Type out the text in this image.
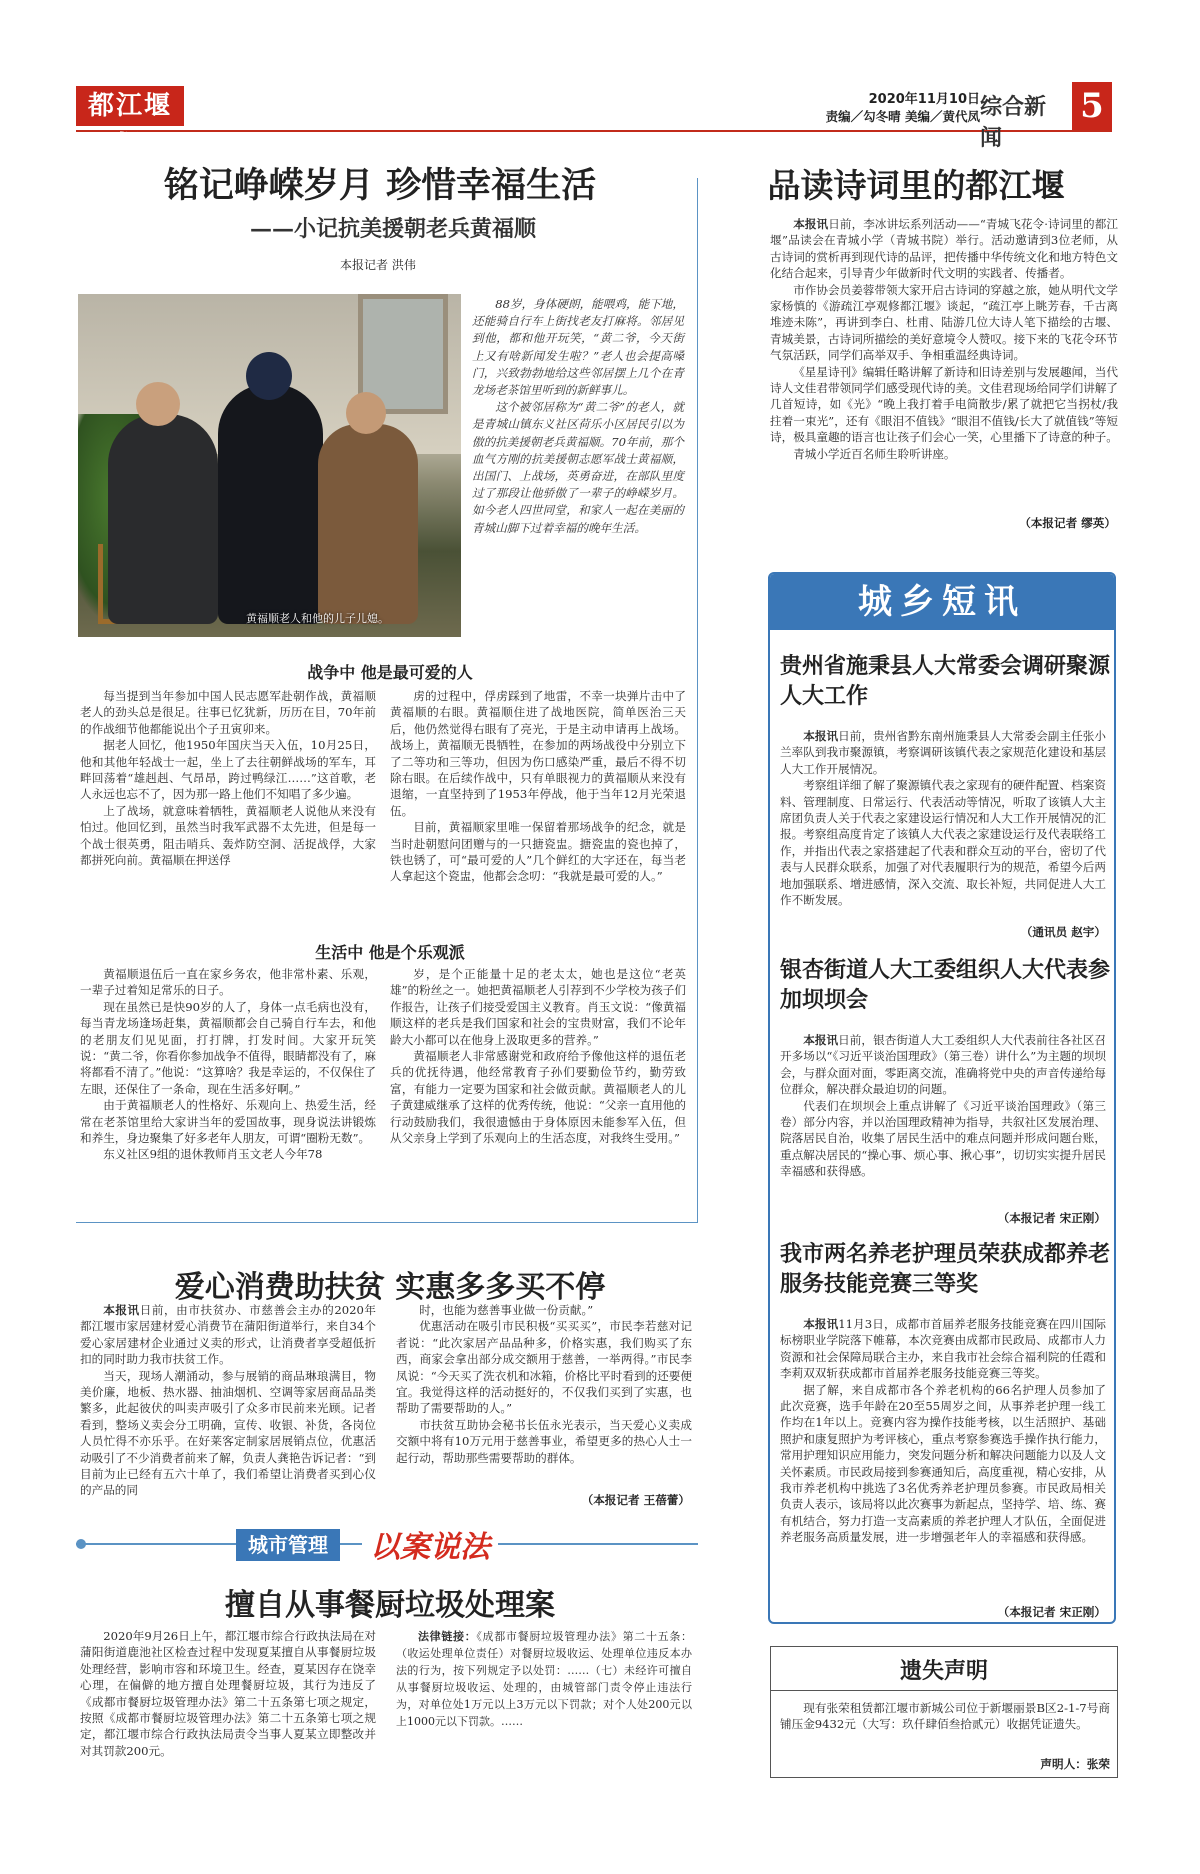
都江堰报
2020年11月10日
责编／勾冬晴 美编／黄代凤 综合新闻
5
铭记峥嵘岁月 珍惜幸福生活
——小记抗美援朝老兵黄福顺
本报记者 洪伟
黄福顺老人和他的儿子儿媳。
88岁，身体硬朗，能喂鸡，能下地，还能骑自行车上街找老友打麻将。邻居见到他，都和他开玩笑，“黄二爷，今天街上又有啥新闻发生啦？”老人也会提高嗓门，兴致勃勃地给这些邻居摆上几个在青龙场老茶馆里听到的新鲜事儿。
这个被邻居称为“黄二爷”的老人，就是青城山镇东义社区荷乐小区居民引以为傲的抗美援朝老兵黄福顺。70年前，那个血气方刚的抗美援朝志愿军战士黄福顺，出国门、上战场，英勇奋进，在部队里度过了那段让他骄傲了一辈子的峥嵘岁月。如今老人四世同堂，和家人一起在美丽的青城山脚下过着幸福的晚年生活。
战争中 他是最可爱的人
每当提到当年参加中国人民志愿军赴朝作战，黄福顺老人的劲头总是很足。往事已忆犹新，历历在目，70年前的作战细节他都能说出个子丑寅卯来。
据老人回忆，他1950年国庆当天入伍，10月25日，他和其他年轻战士一起，坐上了去往朝鲜战场的军车，耳畔回荡着“雄赳赳、气昂昂，跨过鸭绿江……”这首歌，老人永远也忘不了，因为那一路上他们不知唱了多少遍。
上了战场，就意味着牺牲，黄福顺老人说他从来没有怕过。他回忆到，虽然当时我军武器不太先进，但是每一个战士很英勇，阻击哨兵、轰炸防空洞、活捉战俘，大家都拼死向前。黄福顺在押送俘
虏的过程中，俘虏踩到了地雷，不幸一块弹片击中了黄福顺的右眼。黄福顺住进了战地医院，简单医治三天后，他仍然觉得右眼有了亮光，于是主动申请再上战场。战场上，黄福顺无畏牺牲，在参加的两场战役中分别立下了二等功和三等功，但因为伤口感染严重，最后不得不切除右眼。在后续作战中，只有单眼视力的黄福顺从来没有退缩，一直坚持到了1953年停战，他于当年12月光荣退伍。
目前，黄福顺家里唯一保留着那场战争的纪念，就是当时赴朝慰问团赠与的一只搪瓷盅。搪瓷盅的瓷也掉了，铁也锈了，可“最可爱的人”几个鲜红的大字还在，每当老人拿起这个瓷盅，他都会念叨：“我就是最可爱的人。”
生活中 他是个乐观派
黄福顺退伍后一直在家乡务农，他非常朴素、乐观，一辈子过着知足常乐的日子。
现在虽然已是快90岁的人了，身体一点毛病也没有，每当青龙场逢场赶集，黄福顺都会自己骑自行车去，和他的老朋友们见见面，打打牌，打发时间。大家开玩笑说：“黄二爷，你看你参加战争不值得，眼睛都没有了，麻将都看不清了。”他说：“这算啥？我是幸运的，不仅保住了左眼，还保住了一条命，现在生活多好啊。”
由于黄福顺老人的性格好、乐观向上、热爱生活，经常在老茶馆里给大家讲当年的爱国故事，现身说法讲锻炼和养生，身边聚集了好多老年人朋友，可谓“圈粉无数”。
东义社区9组的退休教师肖玉文老人今年78
岁，是个正能量十足的老太太，她也是这位“老英雄”的粉丝之一。她把黄福顺老人引荐到不少学校为孩子们作报告，让孩子们接受爱国主义教育。肖玉文说：“像黄福顺这样的老兵是我们国家和社会的宝贵财富，我们不论年龄大小都可以在他身上汲取更多的营养。”
黄福顺老人非常感谢党和政府给予像他这样的退伍老兵的优抚待遇，他经常教育子孙们要勤俭节约，勤劳致富，有能力一定要为国家和社会做贡献。黄福顺老人的儿子黄建威继承了这样的优秀传统，他说：“父亲一直用他的行动鼓励我们，我很遗憾由于身体原因未能参军入伍，但从父亲身上学到了乐观向上的生活态度，对我终生受用。”
爱心消费助扶贫 实惠多多买不停
本报讯日前，由市扶贫办、市慈善会主办的2020年都江堰市家居建材爱心消费节在蒲阳街道举行，来自34个爱心家居建材企业通过义卖的形式，让消费者享受超低折扣的同时助力我市扶贫工作。
当天，现场人潮涌动，参与展销的商品琳琅满目，物美价廉，地板、热水器、抽油烟机、空调等家居商品品类繁多，此起彼伏的叫卖声吸引了众多市民前来光顾。记者看到，整场义卖会分工明确，宣传、收银、补货，各岗位人员忙得不亦乐乎。在好莱客定制家居展销点位，优惠活动吸引了不少消费者前来了解，负责人龚艳告诉记者：“到目前为止已经有五六十单了，我们希望让消费者买到心仪的产品的同
时，也能为慈善事业做一份贡献。”
优惠活动在吸引市民积极“买买买”，市民李若慈对记者说：“此次家居产品品种多，价格实惠，我们购买了东西，商家会拿出部分成交额用于慈善，一举两得。”市民李凤说：“今天买了洗衣机和冰箱，价格比平时看到的还要便宜。我觉得这样的活动挺好的，不仅我们买到了实惠，也帮助了需要帮助的人。”
市扶贫互助协会秘书长伍永光表示，当天爱心义卖成交额中将有10万元用于慈善事业，希望更多的热心人士一起行动，帮助那些需要帮助的群体。
（本报记者 王蓓蕾）
城市管理	以案说法
擅自从事餐厨垃圾处理案
2020年9月26日上午，都江堰市综合行政执法局在对蒲阳街道鹿池社区检查过程中发现夏某擅自从事餐厨垃圾处理经营，影响市容和环境卫生。经查，夏某因存在饶幸心理，在偏僻的地方擅自处理餐厨垃圾，其行为违反了《成都市餐厨垃圾管理办法》第二十五条第七项之规定，按照《成都市餐厨垃圾管理办法》第二十五条第七项之规定，都江堰市综合行政执法局责令当事人夏某立即整改并对其罚款200元。
法律链接：《成都市餐厨垃圾管理办法》第二十五条：（收运处理单位责任）对餐厨垃圾收运、处理单位违反本办法的行为，按下列规定予以处罚：……（七）未经许可擅自从事餐厨垃圾收运、处理的，由城管部门责令停止违法行为，对单位处1万元以上3万元以下罚款；对个人处200元以上1000元以下罚款。……
品读诗词里的都江堰
本报讯日前，李冰讲坛系列活动——“青城飞花令·诗词里的都江堰”品读会在青城小学（青城书院）举行。活动邀请到3位老师，从古诗词的赏析再到现代诗的品评，把传播中华传统文化和地方特色文化结合起来，引导青少年做新时代文明的实践者、传播者。
市作协会员姜蓉带领大家开启古诗词的穿越之旅，她从明代文学家杨慎的《游疏江亭观修都江堰》谈起，“疏江亭上眺芳春，千古离堆迹未陈”，再讲到李白、杜甫、陆游几位大诗人笔下描绘的古堰、青城美景，古诗词所描绘的美好意境令人赞叹。接下来的飞花令环节气氛活跃，同学们高举双手、争相重温经典诗词。
《星星诗刊》编辑任略讲解了新诗和旧诗差别与发展趣闻，当代诗人文佳君带领同学们感受现代诗的美。文佳君现场给同学们讲解了几首短诗，如《光》“晚上我打着手电筒散步/累了就把它当拐杖/我拄着一束光”，还有《眼泪不值钱》“眼泪不值钱/长大了就值钱”等短诗，极具童趣的语言也让孩子们会心一笑，心里播下了诗意的种子。
青城小学近百名师生聆听讲座。
（本报记者 缪英）
城乡短讯
贵州省施秉县人大常委会调研聚源人大工作
本报讯日前，贵州省黔东南州施秉县人大常委会副主任张小兰率队到我市聚源镇，考察调研该镇代表之家规范化建设和基层人大工作开展情况。
考察组详细了解了聚源镇代表之家现有的硬件配置、档案资料、管理制度、日常运行、代表活动等情况，听取了该镇人大主席团负责人关于代表之家建设运行情况和人大工作开展情况的汇报。考察组高度肯定了该镇人大代表之家建设运行及代表联络工作，并指出代表之家搭建起了代表和群众互动的平台，密切了代表与人民群众联系，加强了对代表履职行为的规范，希望今后两地加强联系、增进感情，深入交流、取长补短，共同促进人大工作不断发展。
（通讯员 赵宇）
银杏街道人大工委组织人大代表参加坝坝会
本报讯日前，银杏街道人大工委组织人大代表前往各社区召开多场以“《习近平谈治国理政》（第三卷）讲什么”为主题的坝坝会，与群众面对面，零距离交流，准确将党中央的声音传递给每位群众，解决群众最迫切的问题。
代表们在坝坝会上重点讲解了《习近平谈治国理政》（第三卷）部分内容，并以治国理政精神为指导，共叙社区发展治理、院落居民自治，收集了居民生活中的难点问题并形成问题台账，重点解决居民的“操心事、烦心事、揪心事”，切切实实提升居民幸福感和获得感。
（本报记者 宋正刚）
我市两名养老护理员荣获成都养老服务技能竞赛三等奖
本报讯11月3日，成都市首届养老服务技能竞赛在四川国际标榜职业学院落下帷幕，本次竞赛由成都市民政局、成都市人力资源和社会保障局联合主办，来自我市社会综合福利院的任霞和李莉双双斩获成都市首届养老服务技能竞赛三等奖。
据了解，来自成都市各个养老机构的66名护理人员参加了此次竞赛，选手年龄在20至55周岁之间，从事养老护理一线工作均在1年以上。竞赛内容为操作技能考核，以生活照护、基础照护和康复照护为考评核心，重点考察参赛选手操作执行能力，常用护理知识应用能力，突发问题分析和解决问题能力以及人文关怀素质。市民政局接到参赛通知后，高度重视，精心安排，从我市养老机构中挑选了3名优秀养老护理员参赛。市民政局相关负责人表示，该局将以此次赛事为新起点，坚持学、培、练、赛有机结合，努力打造一支高素质的养老护理人才队伍，全面促进养老服务高质量发展，进一步增强老年人的幸福感和获得感。
（本报记者 宋正刚）
遗失声明
现有张荣租赁都江堰市新城公司位于新堰丽景B区2-1-7号商铺压金9432元（大写：玖仟肆佰叁拾贰元）收据凭证遗失。
声明人：张荣
